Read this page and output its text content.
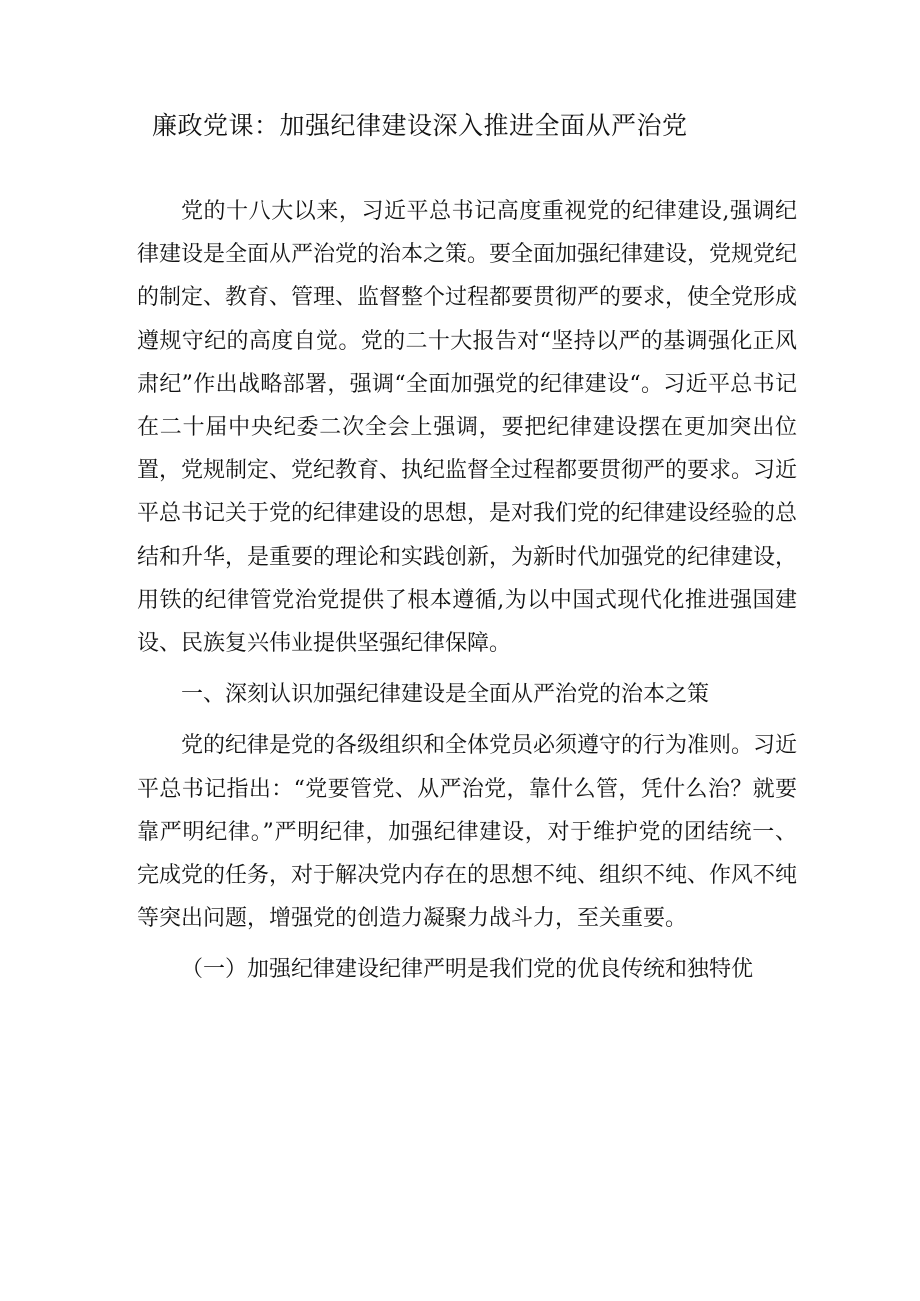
廉政党课：加强纪律建设深入推进全面从严治党

党的十八大以来，习近平总书记高度重视党的纪律建设,强调纪律建设是全面从严治党的治本之策。要全面加强纪律建设，党规党纪的制定、教育、管理、监督整个过程都要贯彻严的要求，使全党形成遵规守纪的高度自觉。党的二十大报告对“坚持以严的基调强化正风肃纪”作出战略部署，强调“全面加强党的纪律建设“。习近平总书记在二十届中央纪委二次全会上强调，要把纪律建设摆在更加突出位置，党规制定、党纪教育、执纪监督全过程都要贯彻严的要求。习近平总书记关于党的纪律建设的思想，是对我们党的纪律建设经验的总结和升华，是重要的理论和实践创新，为新时代加强党的纪律建设，用铁的纪律管党治党提供了根本遵循,为以中国式现代化推进强国建设、民族复兴伟业提供坚强纪律保障。

一、深刻认识加强纪律建设是全面从严治党的治本之策

党的纪律是党的各级组织和全体党员必须遵守的行为准则。习近平总书记指出：“党要管党、从严治党，靠什么管，凭什么治？就要靠严明纪律。”严明纪律，加强纪律建设，对于维护党的团结统一、完成党的任务，对于解决党内存在的思想不纯、组织不纯、作风不纯等突出问题，增强党的创造力凝聚力战斗力，至关重要。

（一）加强纪律建设纪律严明是我们党的优良传统和独特优
